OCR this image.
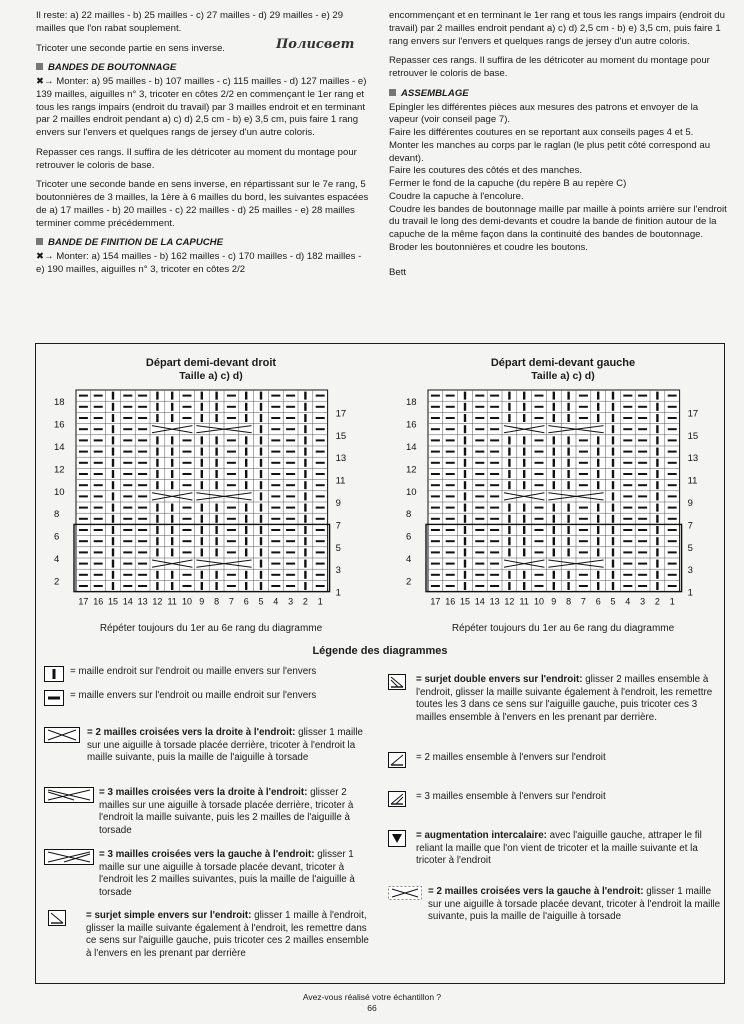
Полисвет

Il reste: a) 22 mailles - b) 25 mailles - c) 27 mailles - d) 29 mailles - e) 29 mailles que l'on rabat souplement.

Tricoter une seconde partie en sens inverse.

BANDES DE BOUTONNAGE

✖→ Monter: a) 95 mailles - b) 107 mailles - c) 115 mailles - d) 127 mailles - e) 139 mailles, aiguilles n° 3, tricoter en côtes 2/2 en commençant le 1er rang et tous les rangs impairs (endroit du travail) par 3 mailles endroit et en terminant par 2 mailles endroit pendant a) c) d) 2,5 cm - b) e) 3,5 cm, puis faire 1 rang envers sur l'envers et quelques rangs de jersey d'un autre coloris.

Repasser ces rangs. Il suffira de les détricoter au moment du montage pour retrouver le coloris de base.

Tricoter une seconde bande en sens inverse, en répartissant sur le 7e rang, 5 boutonnières de 3 mailles, la 1ère à 6 mailles du bord, les suivantes espacées de a) 17 mailles - b) 20 mailles - c) 22 mailles - d) 25 mailles - e) 28 mailles terminer comme précédemment.

BANDE DE FINITION DE LA CAPUCHE

✖→ Monter: a) 154 mailles - b) 162 mailles - c) 170 mailles - d) 182 mailles - e) 190 mailles, aiguilles n° 3, tricoter en côtes 2/2

encommençant et en terminant le 1er rang et tous les rangs impairs (endroit du travail) par 2 mailles endroit pendant a) c) d) 2,5 cm - b) e) 3,5 cm, puis faire 1 rang envers sur l'envers et quelques rangs de jersey d'un autre coloris.

Repasser ces rangs. Il suffira de les détricoter au moment du montage pour retrouver le coloris de base.

ASSEMBLAGE
Epingler les différentes pièces aux mesures des patrons et envoyer de la vapeur (voir conseil page 7).
Faire les différentes coutures en se reportant aux conseils pages 4 et 5.
Monter les manches au corps par le raglan (le plus petit côté correspond au devant).
Faire les coutures des côtés et des manches.
Fermer le fond de la capuche (du repère B au repère C)
Coudre la capuche à l'encolure.
Coudre les bandes de boutonnage maille par maille à points arrière sur l'endroit du travail le long des demi-devants et coudre la bande de finition autour de la capuche de la même façon dans la continuité des bandes de boutonnage.
Broder les boutonnières et coudre les boutons.
Bett
Départ demi-devant droit
Taille a) c) d)
18
16
14
12
10
8
6
4
2
17
15
13
11
9
7
5
3
1
17 16 15 14 13 12 11 10 9 8 7 6 5 4 3 2 1
Répéter toujours du 1er au 6e rang du diagramme
Départ demi-devant gauche
Taille a) c) d)
18
16
14
12
10
8
6
4
2
17
15
13
11
9
7
5
3
1
17 16 15 14 13 12 11 10 9 8 7 6 5 4 3 2 1
Répéter toujours du 1er au 6e rang du diagramme
Légende des diagrammes
= maille endroit sur l'endroit ou maille envers sur l'envers
= maille envers sur l'endroit ou maille endroit sur l'envers
= 2 mailles croisées vers la droite à l'endroit: glisser 1 maille sur une aiguille à torsade placée derrière, tricoter à l'endroit la maille suivante, puis la maille de l'aiguille à torsade
= 3 mailles croisées vers la droite à l'endroit: glisser 2 mailles sur une aiguille à torsade placée derrière, tricoter à l'endroit la maille suivante, puis les 2 mailles de l'aiguille à torsade
= 3 mailles croisées vers la gauche à l'endroit: glisser 1 maille sur une aiguille à torsade placée devant, tricoter à l'endroit les 2 mailles suivantes, puis la maille de l'aiguille à torsade
= surjet simple envers sur l'endroit: glisser 1 maille à l'endroit, glisser la maille suivante également à l'endroit, les remettre dans ce sens sur l'aiguille gauche, puis tricoter ces 2 mailles ensemble à l'envers en les prenant par derrière
= surjet double envers sur l'endroit: glisser 2 mailles ensemble à l'endroit, glisser la maille suivante également à l'endroit, les remettre toutes les 3 dans ce sens sur l'aiguille gauche, puis tricoter ces 3 mailles ensemble à l'envers en les prenant par derrière.
= 2 mailles ensemble à l'envers sur l'endroit
= 3 mailles ensemble à l'envers sur l'endroit
= augmentation intercalaire: avec l'aiguille gauche, attraper le fil reliant la maille que l'on vient de tricoter et la maille suivante et la tricoter à l'endroit
= 2 mailles croisées vers la gauche à l'endroit: glisser 1 maille sur une aiguille à torsade placée devant, tricoter à l'endroit la maille suivante, puis la maille de l'aiguille à torsade
Avez-vous réalisé votre échantillon ?
66
